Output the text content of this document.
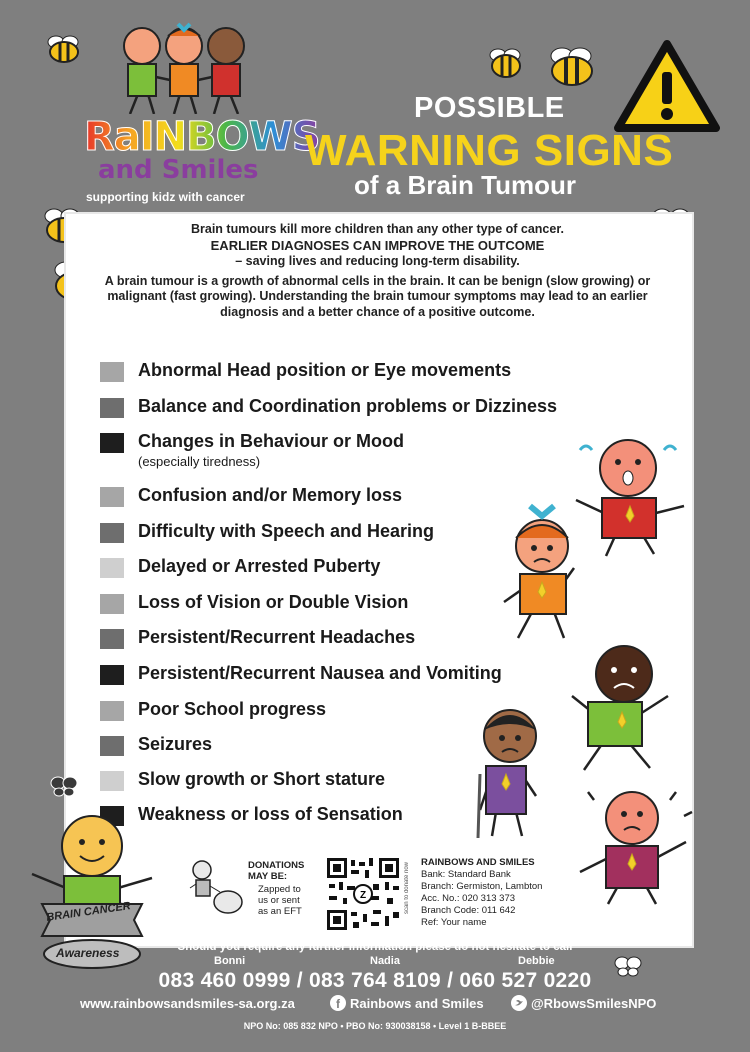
RaINBOWS
and Smiles
supporting kidz with cancer
POSSIBLE
WARNING SIGNS
of a Brain Tumour

Brain tumours kill more children than any other type of cancer.
EARLIER DIAGNOSES CAN IMPROVE THE OUTCOME
– saving lives and reducing long-term disability.

A brain tumour is a growth of abnormal cells in the brain. It can be benign (slow growing) or malignant (fast growing). Understanding the brain tumour symptoms may lead to an earlier diagnosis and a better chance of a positive outcome.

Abnormal Head position or Eye movements
Balance and Coordination problems or Dizziness
Changes in Behaviour or Mood
(especially tiredness)
Confusion and/or Memory loss
Difficulty with Speech and Hearing
Delayed or Arrested Puberty
Loss of Vision or Double Vision
Persistent/Recurrent Headaches
Persistent/Recurrent Nausea and Vomiting
Poor School progress
Seizures
Slow growth or Short stature
Weakness or loss of Sensation
BRAIN CANCER
Awareness
DONATIONS
MAY BE:
Zapped to
us or sent
as an EFT
Z	scan to donate now RAINBOWS AND SMILES
Bank: Standard Bank
Branch: Germiston, Lambton
Acc. No.: 020 313 373
Branch Code: 011 642
Ref: Your name
Should you require any further information please do not hesitate to call
Bonni	Nadia	Debbie
083 460 0999 / 083 764 8109 / 060 527 0220
www.rainbowsandsmiles-sa.org.za	f Rainbows and Smiles	@RbowsSmilesNPO
NPO No: 085 832 NPO • PBO No: 930038158 • Level 1 B-BBEE
